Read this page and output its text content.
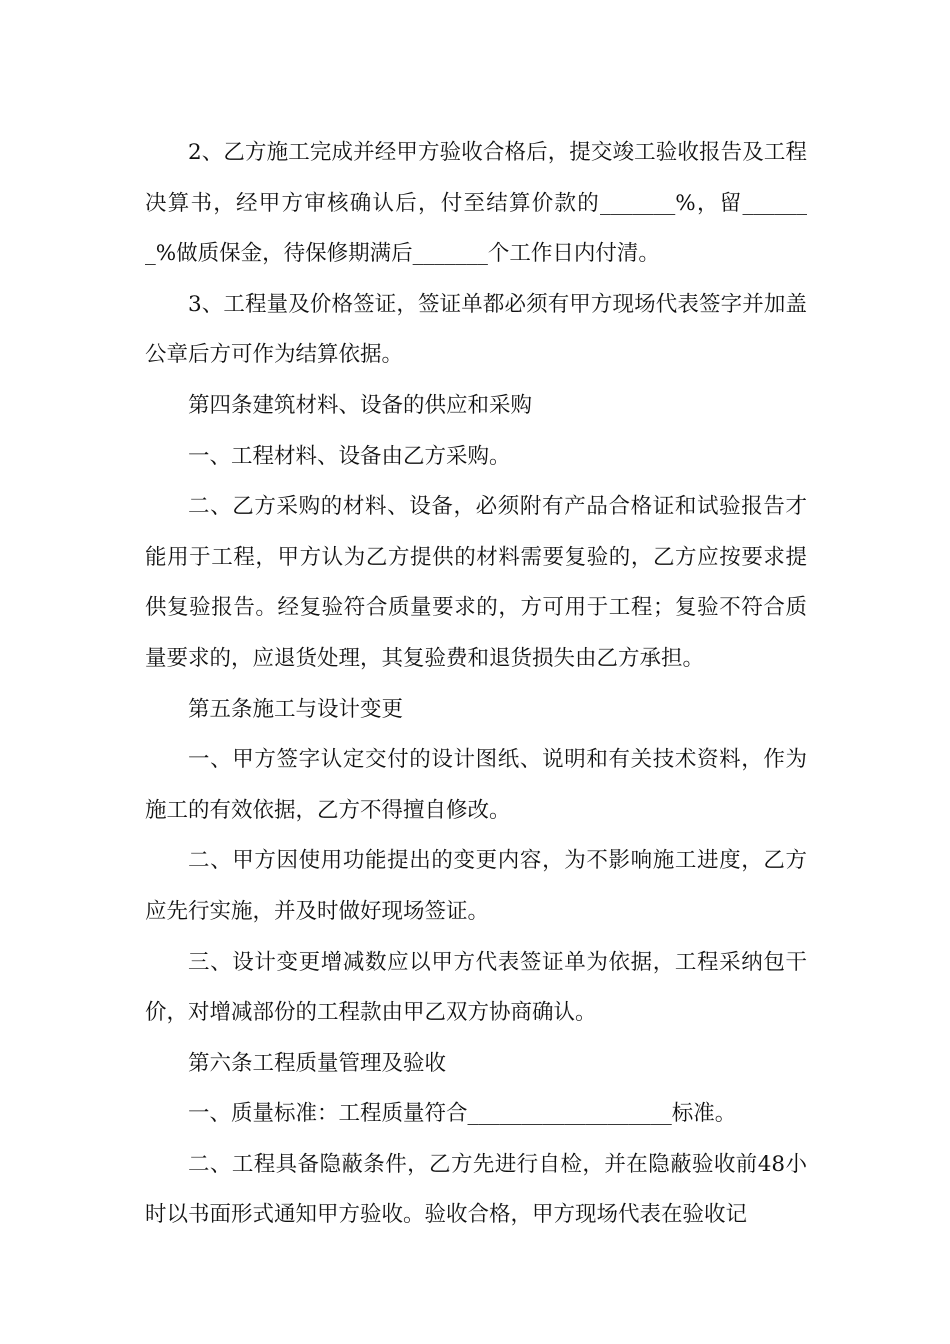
2、乙方施工完成并经甲方验收合格后，提交竣工验收报告及工程决算书，经甲方审核确认后，付至结算价款的_______%，留_______%做质保金，待保修期满后_______个工作日内付清。

3、工程量及价格签证，签证单都必须有甲方现场代表签字并加盖公章后方可作为结算依据。

第四条建筑材料、设备的供应和采购

一、工程材料、设备由乙方采购。

二、乙方采购的材料、设备，必须附有产品合格证和试验报告才能用于工程，甲方认为乙方提供的材料需要复验的，乙方应按要求提供复验报告。经复验符合质量要求的，方可用于工程；复验不符合质量要求的，应退货处理，其复验费和退货损失由乙方承担。

第五条施工与设计变更

一、甲方签字认定交付的设计图纸、说明和有关技术资料，作为施工的有效依据，乙方不得擅自修改。

二、甲方因使用功能提出的变更内容，为不影响施工进度，乙方应先行实施，并及时做好现场签证。

三、设计变更增减数应以甲方代表签证单为依据，工程采纳包干价，对增减部份的工程款由甲乙双方协商确认。

第六条工程质量管理及验收

一、质量标准：工程质量符合___________________标准。

二、工程具备隐蔽条件，乙方先进行自检，并在隐蔽验收前48小时以书面形式通知甲方验收。验收合格，甲方现场代表在验收记
